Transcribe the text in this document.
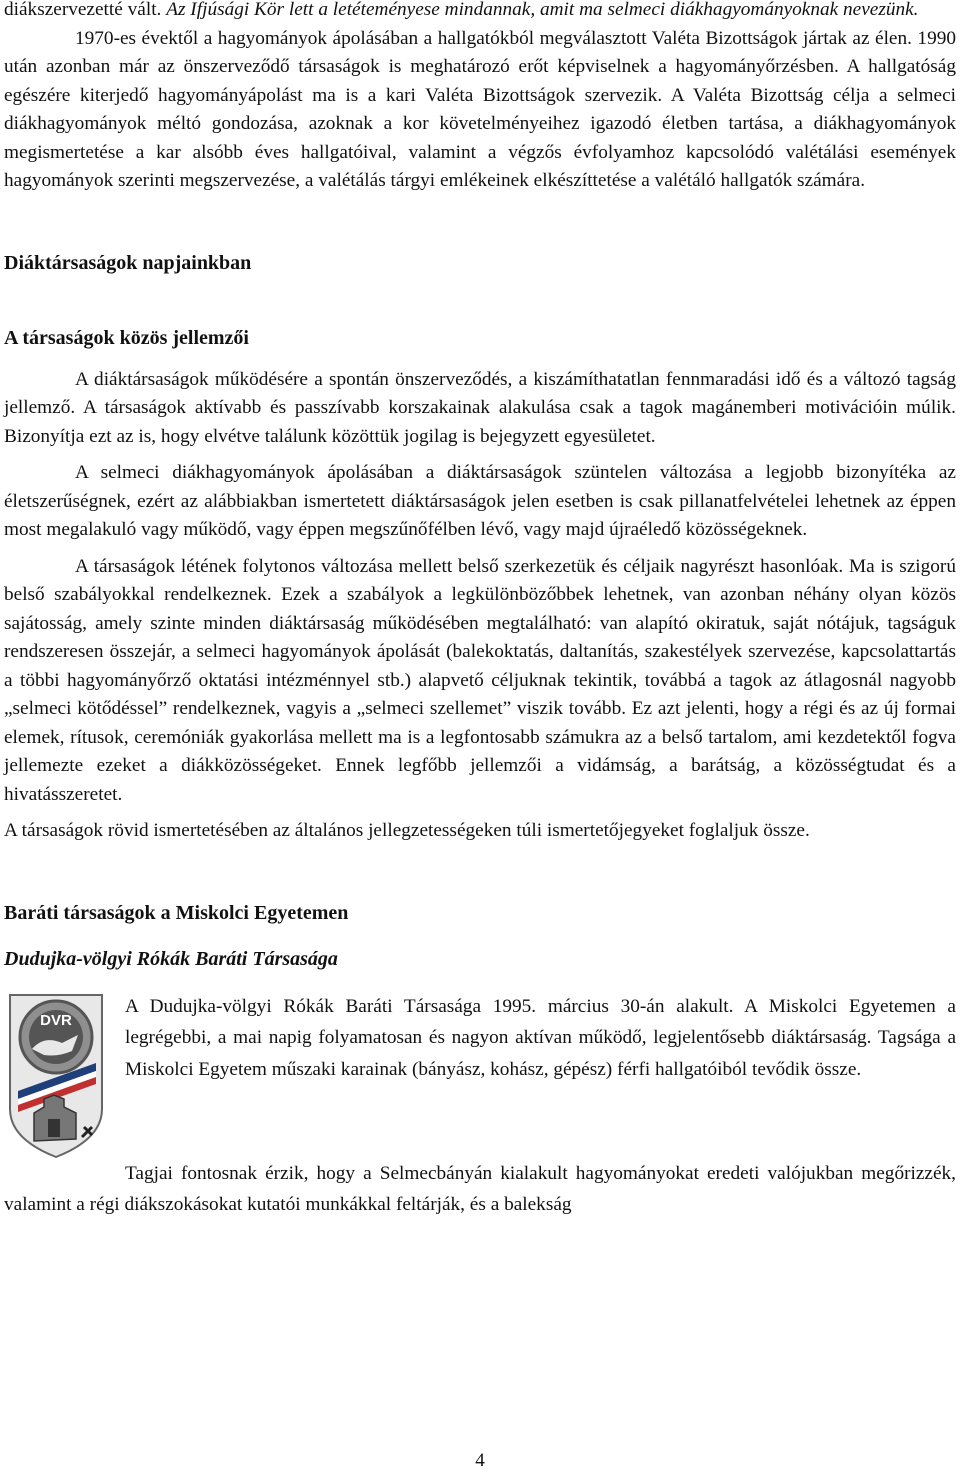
diákszervezetté vált. Az Ifjúsági Kör lett a letéteményese mindannak, amit ma selmeci diákhagyományoknak nevezünk.

1970-es évektől a hagyományok ápolásában a hallgatókból megválasztott Valéta Bizottságok jártak az élen. 1990 után azonban már az önszerveződő társaságok is meghatározó erőt képviselnek a hagyományőrzésben. A hallgatóság egészére kiterjedő hagyományápolást ma is a kari Valéta Bizottságok szervezik. A Valéta Bizottság célja a selmeci diákhagyományok méltó gondozása, azoknak a kor követelményeihez igazodó életben tartása, a diákhagyományok megismertetése a kar alsóbb éves hallgatóival, valamint a végzős évfolyamhoz kapcsolódó valétálási események hagyományok szerinti megszervezése, a valétálás tárgyi emlékeinek elkészíttetése a valétáló hallgatók számára.

Diáktársaságok napjainkban
A társaságok közös jellemzői

A diáktársaságok működésére a spontán önszerveződés, a kiszámíthatatlan fennmaradási idő és a változó tagság jellemző. A társaságok aktívabb és passzívabb korszakainak alakulása csak a tagok magánemberi motivációin múlik. Bizonyítja ezt az is, hogy elvétve találunk közöttük jogilag is bejegyzett egyesületet.

A selmeci diákhagyományok ápolásában a diáktársaságok szüntelen változása a legjobb bizonyítéka az életszerűségnek, ezért az alábbiakban ismertetett diáktársaságok jelen esetben is csak pillanatfelvételei lehetnek az éppen most megalakuló vagy működő, vagy éppen megszűnőfélben lévő, vagy majd újraéledő közösségeknek.

A társaságok létének folytonos változása mellett belső szerkezetük és céljaik nagyrészt hasonlóak. Ma is szigorú belső szabályokkal rendelkeznek. Ezek a szabályok a legkülönbözőbbek lehetnek, van azonban néhány olyan közös sajátosság, amely szinte minden diáktársaság működésében megtalálható: van alapító okiratuk, saját nótájuk, tagságuk rendszeresen összejár, a selmeci hagyományok ápolását (balekoktatás, daltanítás, szakestélyek szervezése, kapcsolattartás a többi hagyományőrző oktatási intézménnyel stb.) alapvető céljuknak tekintik, továbbá a tagok az átlagosnál nagyobb „selmeci kötődéssel” rendelkeznek, vagyis a „selmeci szellemet” viszik tovább. Ez azt jelenti, hogy a régi és az új formai elemek, rítusok, ceremóniák gyakorlása mellett ma is a legfontosabb számukra az a belső tartalom, ami kezdetektől fogva jellemezte ezeket a diákközösségeket. Ennek legfőbb jellemzői a vidámság, a barátság, a közösségtudat és a hivatásszeretet.

A társaságok rövid ismertetésében az általános jellegzetességeken túli ismertetőjegyeket foglaljuk össze.

Baráti társaságok a Miskolci Egyetemen
Dudujka-völgyi Rókák Baráti Társasága
DVR

A Dudujka-völgyi Rókák Baráti Társasága 1995. március 30-án alakult. A Miskolci Egyetemen a legrégebbi, a mai napig folyamatosan és nagyon aktívan működő, legjelentősebb diáktársaság. Tagsága a Miskolci Egyetem műszaki karainak (bányász, kohász, gépész) férfi hallgatóiból tevődik össze.

Tagjai fontosnak érzik, hogy a Selmecbányán kialakult hagyományokat eredeti valójukban megőrizzék, valamint a régi diákszokásokat kutatói munkákkal feltárják, és a balekság

4
